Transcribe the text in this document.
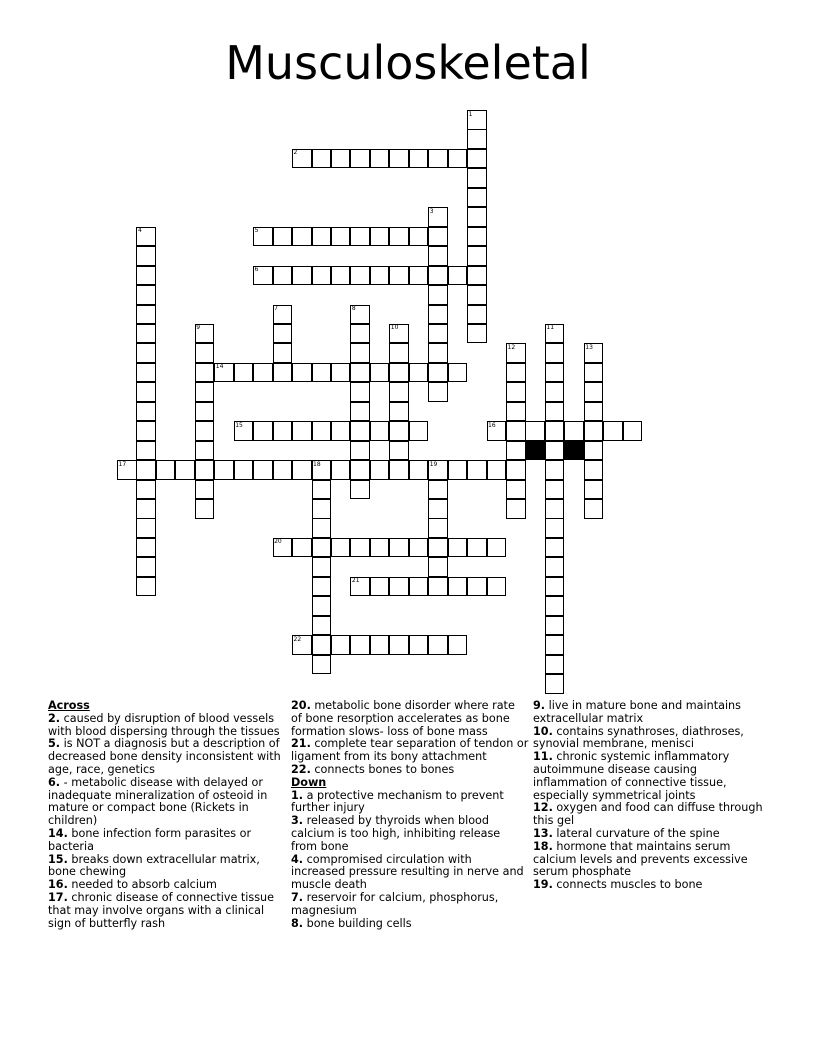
Musculoskeletal
1
2
3
4	5
6
7	8
9	10	11
12	13
14
15	16
17	18	19
20
21
22
Across
2. caused by disruption of blood vessels with blood dispersing through the tissues
5. is NOT a diagnosis but a description of decreased bone density inconsistent with age, race, genetics
6. - metabolic disease with delayed or inadequate mineralization of osteoid in mature or compact bone (Rickets in children)
14. bone infection form parasites or bacteria
15. breaks down extracellular matrix, bone chewing
16. needed to absorb calcium
17. chronic disease of connective tissue that may involve organs with a clinical sign of butterfly rash
20. metabolic bone disorder where rate of bone resorption accelerates as bone formation slows- loss of bone mass
21. complete tear separation of tendon or ligament from its bony attachment
22. connects bones to bones
Down
1. a protective mechanism to prevent further injury
3. released by thyroids when blood calcium is too high, inhibiting release from bone
4. compromised circulation with increased pressure resulting in nerve and muscle death
7. reservoir for calcium, phosphorus, magnesium
8. bone building cells
9. live in mature bone and maintains extracellular matrix
10. contains synathroses, diathroses, synovial membrane, menisci
11. chronic systemic inflammatory autoimmune disease causing inflammation of connective tissue, especially symmetrical joints
12. oxygen and food can diffuse through this gel
13. lateral curvature of the spine
18. hormone that maintains serum calcium levels and prevents excessive serum phosphate
19. connects muscles to bone
